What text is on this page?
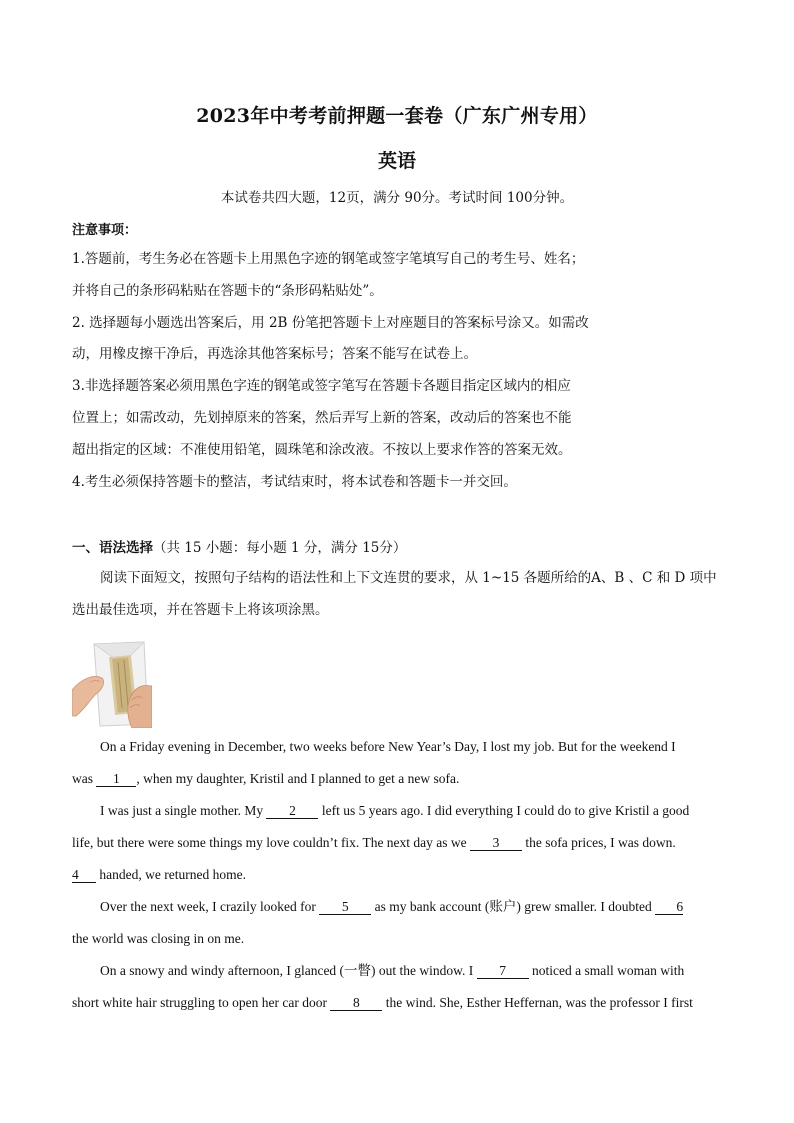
2023年中考考前押题一套卷（广东广州专用）
英语
本试卷共四大题，12页，满分 90分。考试时间 100分钟。
注意事项：
1.答题前，考生务必在答题卡上用黑色字迹的钢笔或签字笔填写自己的考生号、姓名；
并将自己的条形码粘贴在答题卡的“条形码粘贴处”。
2. 选择题每小题选出答案后，用 2B 份笔把答题卡上对座题目的答案标号涂又。如需改
动，用橡皮擦干净后，再选涂其他答案标号；答案不能写在试卷上。
3.非选择题答案必须用黑色字连的钢笔或签字笔写在答题卡各题目指定区域内的相应
位置上；如需改动，先划掉原来的答案，然后弄写上新的答案，改动后的答案也不能
超出指定的区域：不准使用铅笔，圆珠笔和涂改液。不按以上要求作答的答案无效。
4.考生必须保持答题卡的整洁，考试结束时，将本试卷和答题卡一并交回。
一、语法选择（共 15 小题：每小题 1 分，满分 15分）
阅读下面短文，按照句子结构的语法性和上下文连贯的要求，从 1~15 各题所给的A、B 、C 和 D 项中
选出最佳选项，并在答题卡上将该项涂黑。
On a Friday evening in December, two weeks before New Year’s Day, I lost my job. But for the weekend I
was 1 , when my daughter, Kristil and I planned to get a new sofa.
I was just a single mother. My 2 left us 5 years ago. I did everything I could do to give Kristil a good
life, but there were some things my love couldn’t fix. The next day as we 3 the sofa prices, I was down.
4 handed, we returned home.
Over the next week, I crazily looked for 5 as my bank account (账户) grew smaller. I doubted 6
the world was closing in on me.
On a snowy and windy afternoon, I glanced (一瞥) out the window. I 7 noticed a small woman with
short white hair struggling to open her car door 8 the wind. She, Esther Heffernan, was the professor I first
